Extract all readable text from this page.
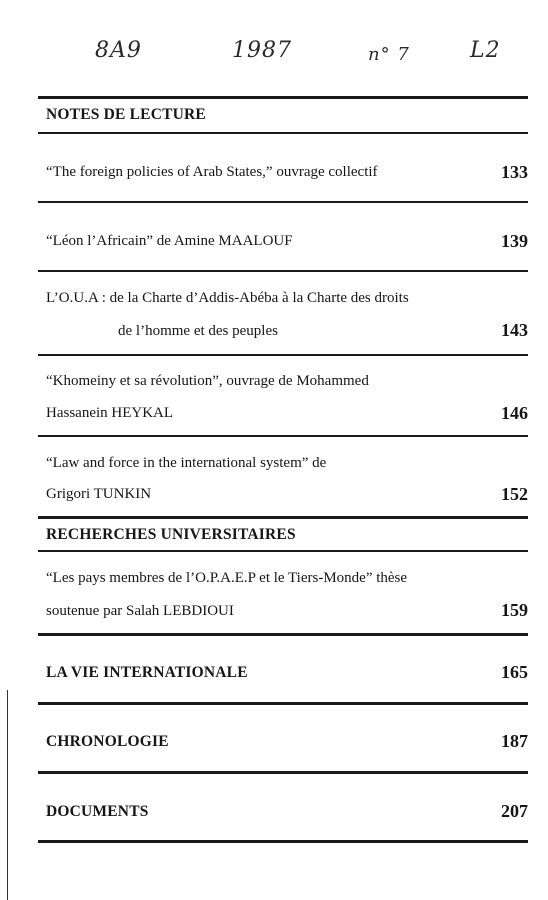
8A9	1987	n° 7	L2
NOTES DE LECTURE
“The foreign policies of Arab States,” ouvrage collectif	133
“Léon l’Africain” de Amine MAALOUF	139
L’O.U.A : de la Charte d’Addis-Abéba à la Charte des droits
de l’homme et des peuples	143
“Khomeiny et sa révolution”, ouvrage de Mohammed
Hassanein HEYKAL	146
“Law and force in the international system” de
Grigori TUNKIN	152
RECHERCHES UNIVERSITAIRES
“Les pays membres de l’O.P.A.E.P et le Tiers-Monde” thèse
soutenue par Salah LEBDIOUI	159
LA VIE INTERNATIONALE	165
CHRONOLOGIE	187
DOCUMENTS	207
